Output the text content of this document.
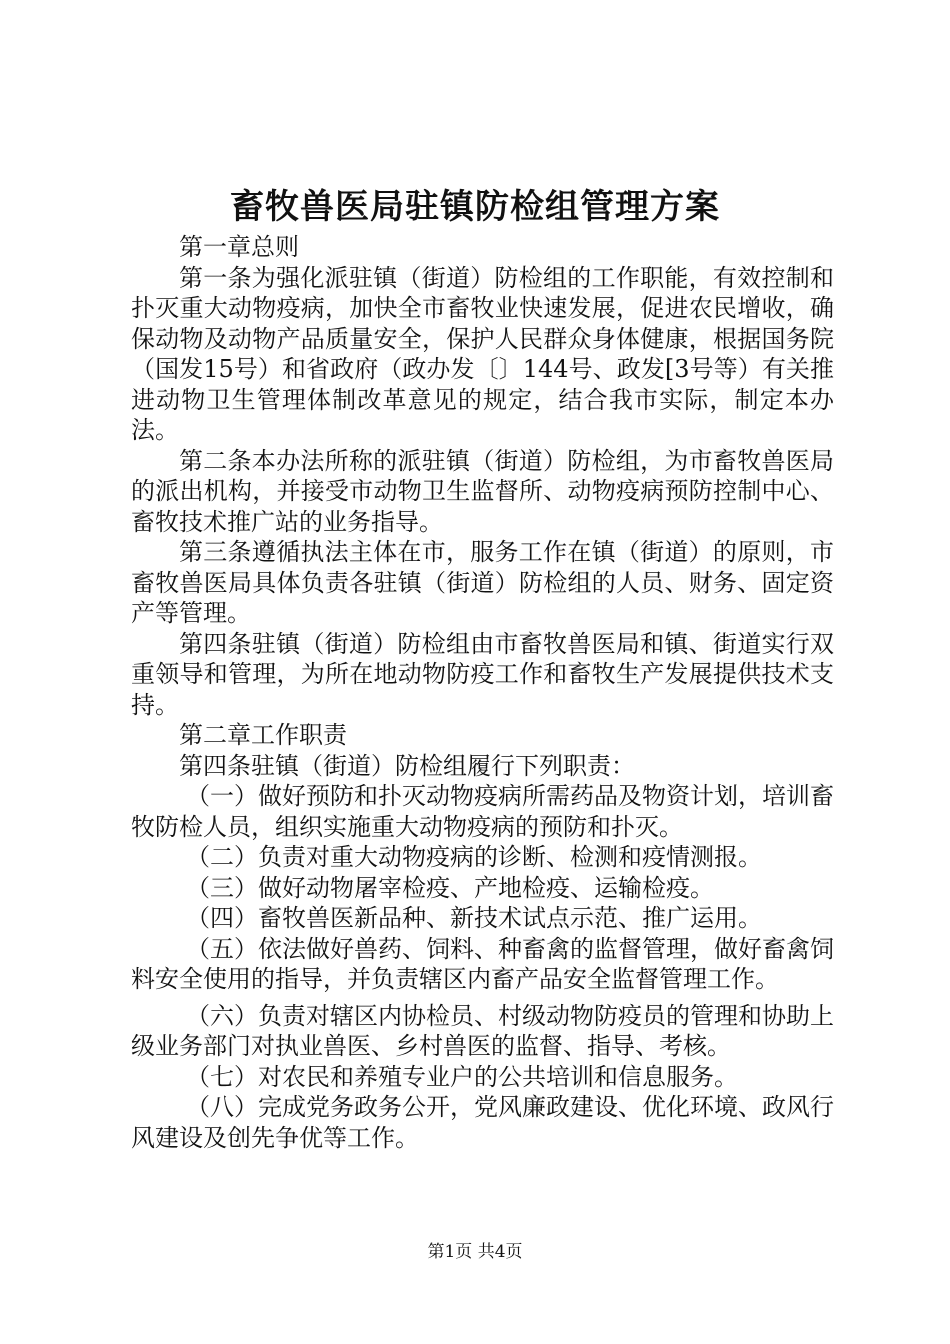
畜牧兽医局驻镇防检组管理方案

第一章总则

第一条为强化派驻镇（街道）防检组的工作职能，有效控制和扑灭重大动物疫病，加快全市畜牧业快速发展，促进农民增收，确保动物及动物产品质量安全，保护人民群众身体健康，根据国务院（国发15号）和省政府（政办发〔〕144号、政发[3号等）有关推进动物卫生管理体制改革意见的规定，结合我市实际，制定本办法。

第二条本办法所称的派驻镇（街道）防检组，为市畜牧兽医局的派出机构，并接受市动物卫生监督所、动物疫病预防控制中心、畜牧技术推广站的业务指导。

第三条遵循执法主体在市，服务工作在镇（街道）的原则，市畜牧兽医局具体负责各驻镇（街道）防检组的人员、财务、固定资产等管理。

第四条驻镇（街道）防检组由市畜牧兽医局和镇、街道实行双重领导和管理，为所在地动物防疫工作和畜牧生产发展提供技术支持。

第二章工作职责

第四条驻镇（街道）防检组履行下列职责：

（一）做好预防和扑灭动物疫病所需药品及物资计划，培训畜牧防检人员，组织实施重大动物疫病的预防和扑灭。

（二）负责对重大动物疫病的诊断、检测和疫情测报。

（三）做好动物屠宰检疫、产地检疫、运输检疫。

（四）畜牧兽医新品种、新技术试点示范、推广运用。

（五）依法做好兽药、饲料、种畜禽的监督管理，做好畜禽饲料安全使用的指导，并负责辖区内畜产品安全监督管理工作。

（六）负责对辖区内协检员、村级动物防疫员的管理和协助上级业务部门对执业兽医、乡村兽医的监督、指导、考核。

（七）对农民和养殖专业户的公共培训和信息服务。

（八）完成党务政务公开，党风廉政建设、优化环境、政风行风建设及创先争优等工作。

第1页 共4页
